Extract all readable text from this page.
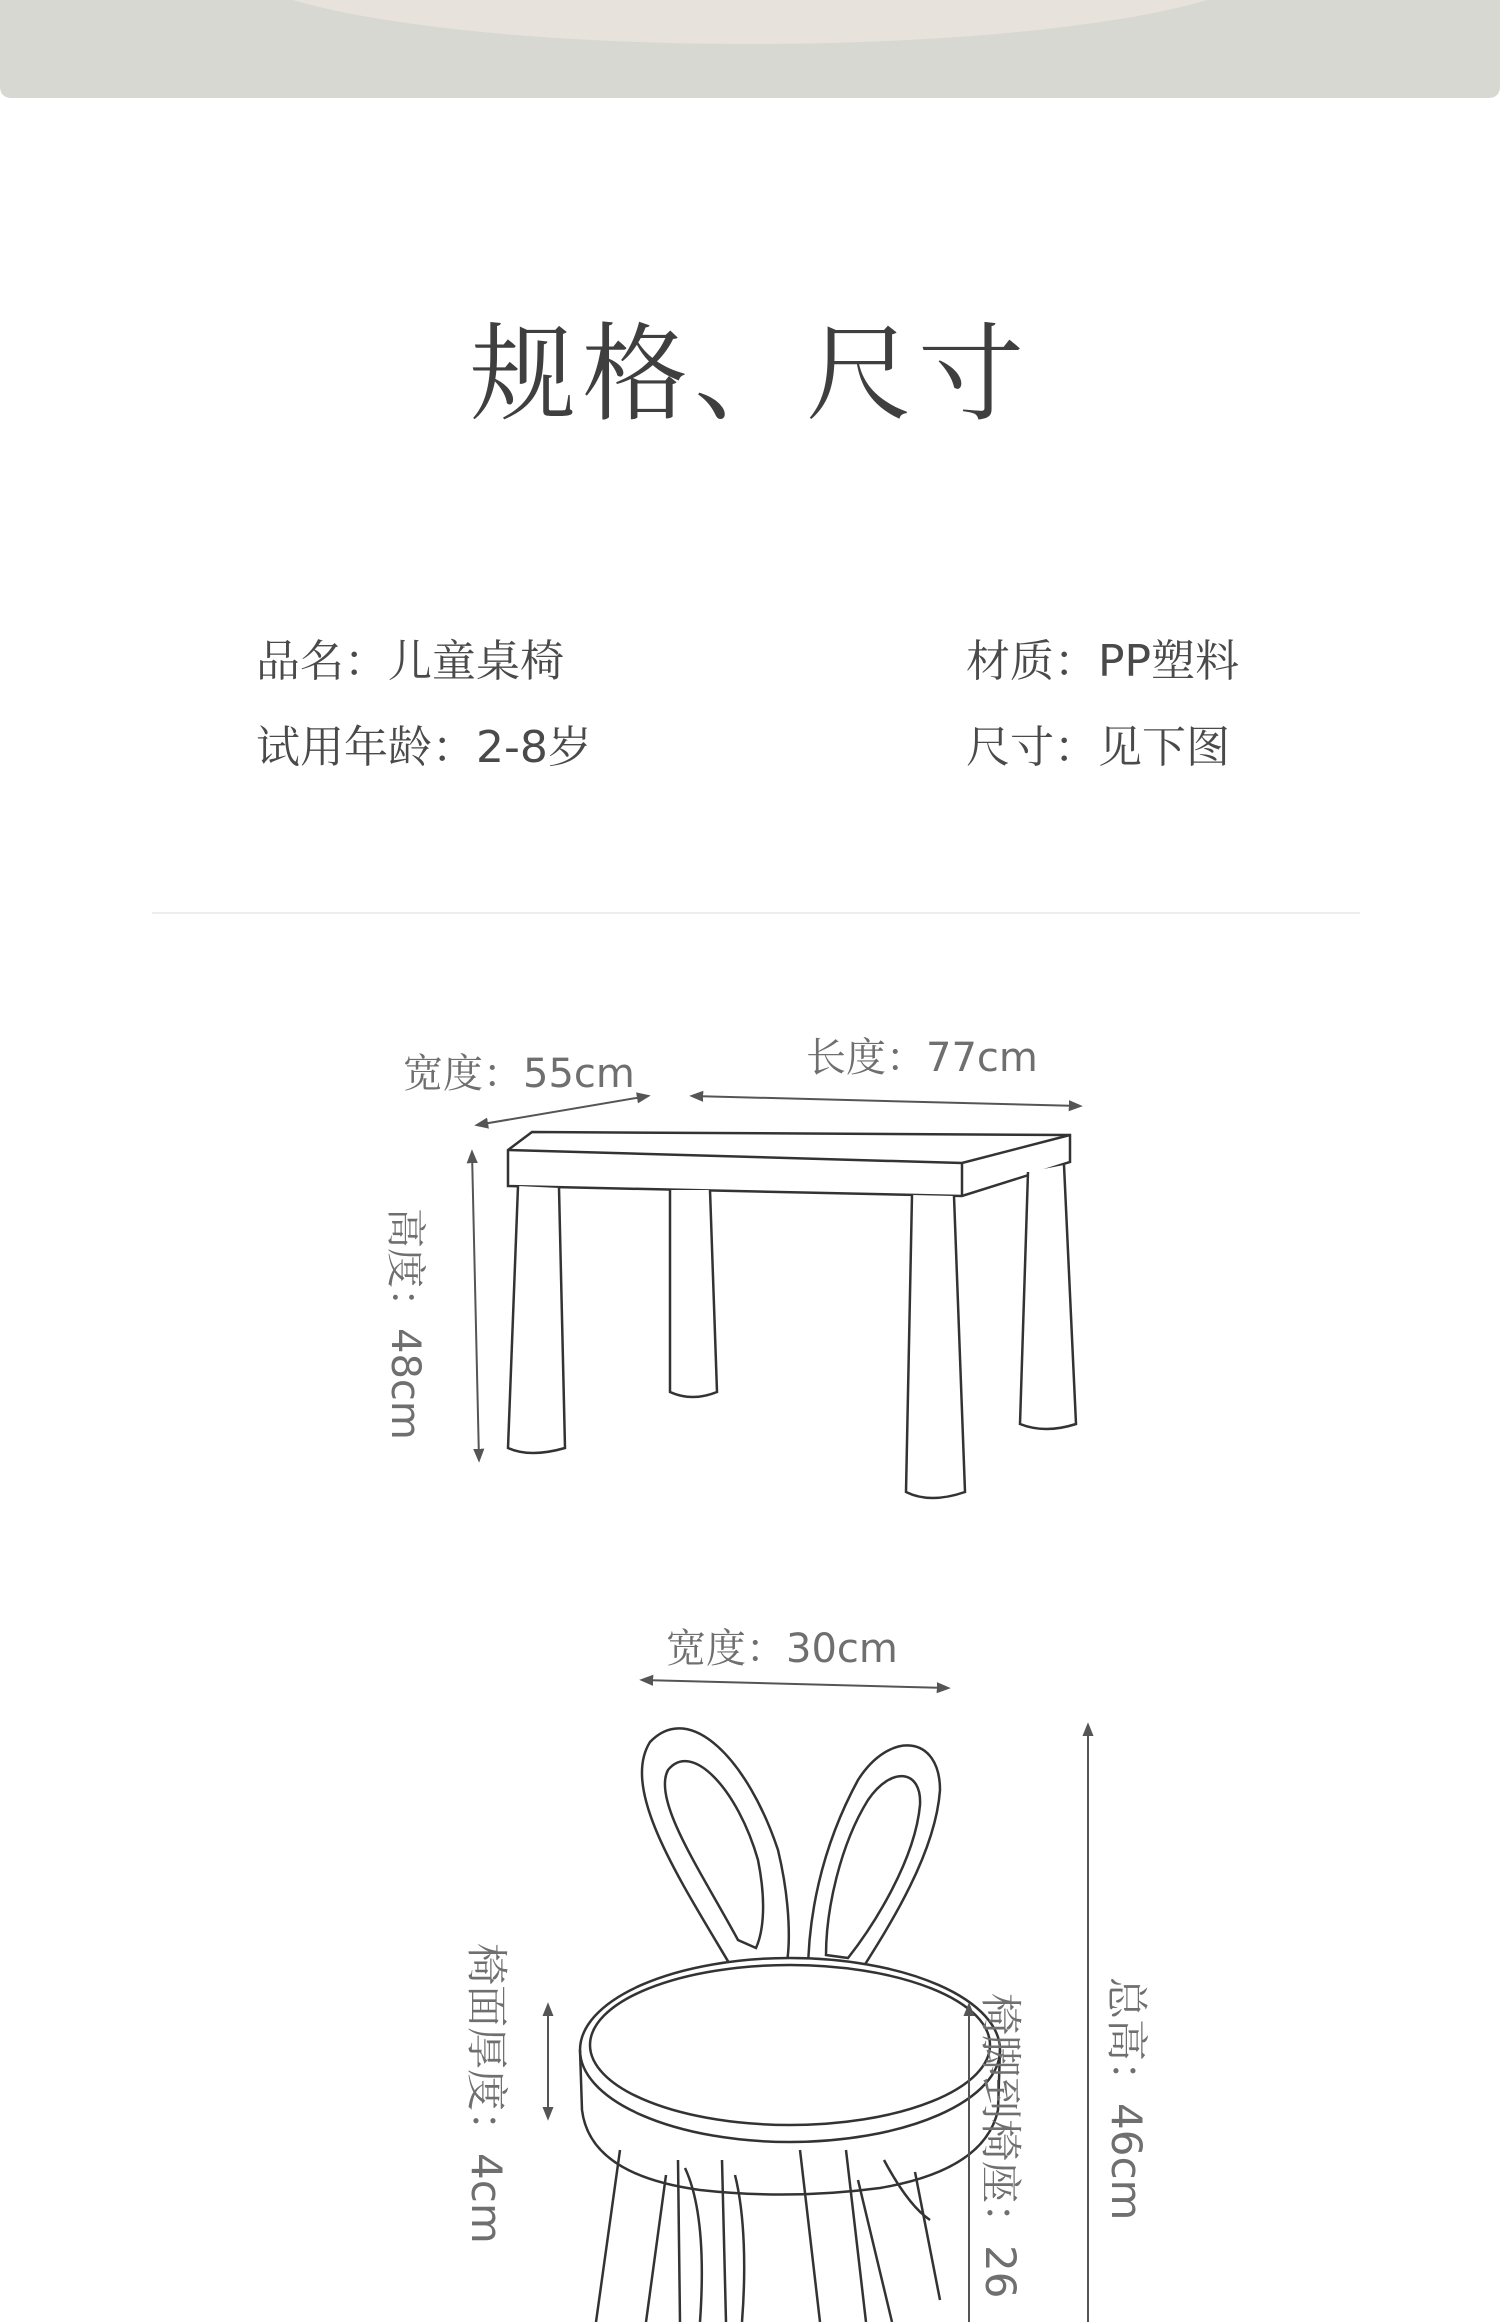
规格、尺寸
品名：儿童桌椅	材质：PP塑料
试用年龄：2-8岁	尺寸：见下图
宽度：55cm	长度：77cm
高度：48cm
宽度：30cm
椅面厚度：4cm	椅脚到椅座：26 总高：46cm
